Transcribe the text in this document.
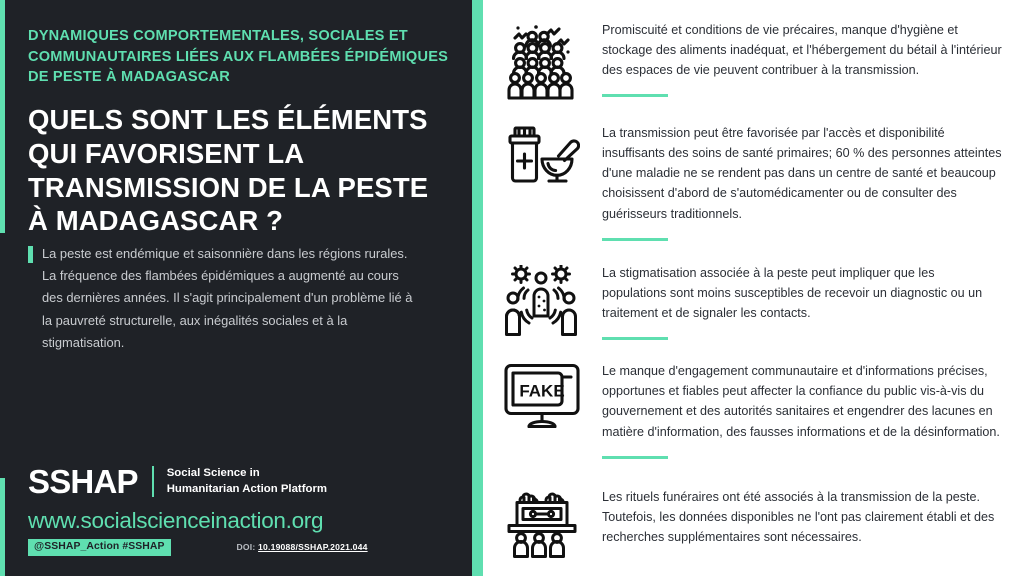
DYNAMIQUES COMPORTEMENTALES, SOCIALES ET COMMUNAUTAIRES LIÉES AUX FLAMBÉES ÉPIDÉMIQUES DE PESTE À MADAGASCAR
QUELS SONT LES ÉLÉMENTS QUI FAVORISENT LA TRANSMISSION DE LA PESTE À MADAGASCAR ?
La peste est endémique et saisonnière dans les régions rurales. La fréquence des flambées épidémiques a augmenté au cours des dernières années. Il s'agit principalement d'un problème lié à la pauvreté structurelle, aux inégalités sociales et à la stigmatisation.
SSHAP	Social Science in
Humanitarian Action Platform
www.socialscienceinaction.org
@SSHAP_Action #SSHAP	DOI: 10.19088/SSHAP.2021.044
Promiscuité et conditions de vie précaires, manque d'hygiène et stockage des aliments inadéquat, et l'hébergement du bétail à l'intérieur des espaces de vie peuvent contribuer à la transmission.
La transmission peut être favorisée par l'accès et disponibilité insuffisants des soins de santé primaires; 60 % des personnes atteintes d'une maladie ne se rendent pas dans un centre de santé et beaucoup choisissent d'abord de s'automédicamenter ou de consulter des guérisseurs traditionnels.
La stigmatisation associée à la peste peut impliquer que les populations sont moins susceptibles de recevoir un diagnostic ou un traitement et de signaler les contacts.
FAKE
Le manque d'engagement communautaire et d'informations précises, opportunes et fiables peut affecter la confiance du public vis-à-vis du gouvernement et des autorités sanitaires et engendrer des lacunes en matière d'information, des fausses informations et de la désinformation.
Les rituels funéraires ont été associés à la transmission de la peste. Toutefois, les données disponibles ne l'ont pas clairement établi et des recherches supplémentaires sont nécessaires.
